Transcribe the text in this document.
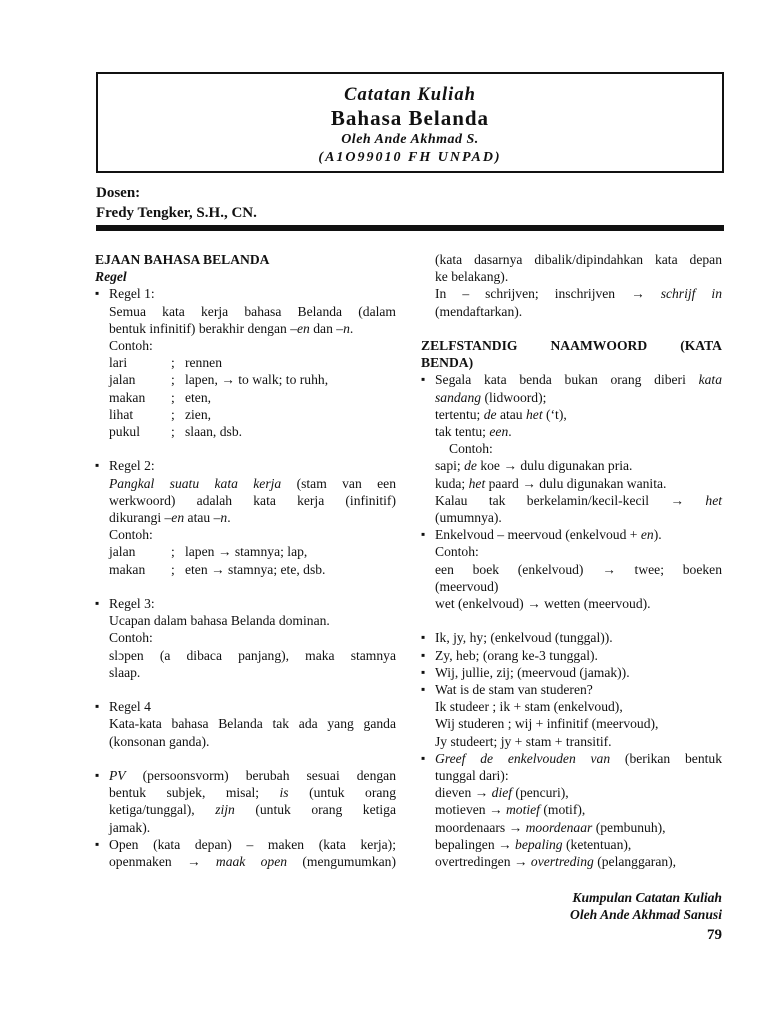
Catatan Kuliah
Bahasa Belanda
Oleh Ande Akhmad S.
(A1O99010 FH UNPAD)
Dosen:
Fredy Tengker, S.H., CN.

EJAAN BAHASA BELANDA

Regel

▪ Regel 1:

Semua kata kerja bahasa Belanda (dalam

bentuk infinitif) berakhir dengan –en dan –n.

Contoh:

lari	; rennen
jalan	; lapen, → to walk; to ruhh,
makan	; eten,
lihat	; zien,
pukul	; slaan, dsb.

▪ Regel 2:

Pangkal suatu kata kerja (stam van een

werkwoord) adalah kata kerja (infinitif)

dikurangi –en atau –n.

Contoh:

jalan	; lapen → stamnya; lap,
makan	; eten → stamnya; ete, dsb.

▪ Regel 3:

Ucapan dalam bahasa Belanda dominan.

Contoh:

slɔpen (a dibaca panjang), maka stamnya

slaap.

▪ Regel 4

Kata-kata bahasa Belanda tak ada yang ganda

(konsonan ganda).

▪ PV (persoonsvorm) berubah sesuai dengan

bentuk subjek, misal; is (untuk orang

ketiga/tunggal), zijn (untuk orang ketiga

jamak).

▪ Open (kata depan) – maken (kata kerja);

openmaken → maak open (mengumumkan)

(kata dasarnya dibalik/dipindahkan kata depan

ke belakang).

In – schrijven; inschrijven → schrijf in

(mendaftarkan).

ZELFSTANDIG NAAMWOORD (KATA

BENDA)

▪ Segala kata benda bukan orang diberi kata

sandang (lidwoord);

tertentu; de atau het (‘t),

tak tentu; een.

Contoh:

sapi; de koe → dulu digunakan pria.

kuda; het paard → dulu digunakan wanita.

Kalau tak berkelamin/kecil-kecil → het

(umumnya).

▪ Enkelvoud – meervoud (enkelvoud + en).

Contoh:

een boek (enkelvoud) → twee; boeken

(meervoud)

wet (enkelvoud) → wetten (meervoud).

▪ Ik, jy, hy; (enkelvoud (tunggal)).

▪ Zy, heb; (orang ke-3 tunggal).

▪ Wij, jullie, zij; (meervoud (jamak)).

▪ Wat is de stam van studeren?

Ik studeer ; ik + stam (enkelvoud),

Wij studeren ; wij + infinitif (meervoud),

Jy studeert; jy + stam + transitif.

▪ Greef de enkelvouden van (berikan bentuk

tunggal dari):

dieven → dief (pencuri),

motieven → motief (motif),

moordenaars → moordenaar (pembunuh),

bepalingen → bepaling (ketentuan),

overtredingen → overtreding (pelanggaran),

Kumpulan Catatan Kuliah
Oleh Ande Akhmad Sanusi
79
